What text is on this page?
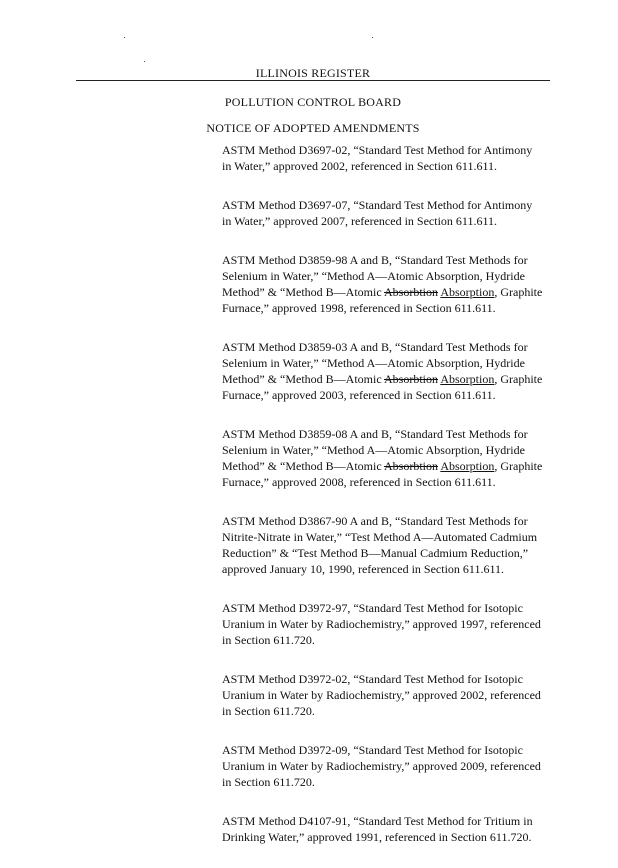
ILLINOIS REGISTER
POLLUTION CONTROL BOARD
NOTICE OF ADOPTED AMENDMENTS

ASTM Method D3697-02, “Standard Test Method for Antimony
in Water,” approved 2002, referenced in Section 611.611.

ASTM Method D3697-07, “Standard Test Method for Antimony
in Water,” approved 2007, referenced in Section 611.611.

ASTM Method D3859-98 A and B, “Standard Test Methods for
Selenium in Water,” “Method A—Atomic Absorption, Hydride
Method” & “Method B—Atomic Absorbtion Absorption, Graphite
Furnace,” approved 1998, referenced in Section 611.611.

ASTM Method D3859-03 A and B, “Standard Test Methods for
Selenium in Water,” “Method A—Atomic Absorption, Hydride
Method” & “Method B—Atomic Absorbtion Absorption, Graphite
Furnace,” approved 2003, referenced in Section 611.611.

ASTM Method D3859-08 A and B, “Standard Test Methods for
Selenium in Water,” “Method A—Atomic Absorption, Hydride
Method” & “Method B—Atomic Absorbtion Absorption, Graphite
Furnace,” approved 2008, referenced in Section 611.611.

ASTM Method D3867-90 A and B, “Standard Test Methods for
Nitrite-Nitrate in Water,” “Test Method A—Automated Cadmium
Reduction” & “Test Method B—Manual Cadmium Reduction,”
approved January 10, 1990, referenced in Section 611.611.

ASTM Method D3972-97, “Standard Test Method for Isotopic
Uranium in Water by Radiochemistry,” approved 1997, referenced
in Section 611.720.

ASTM Method D3972-02, “Standard Test Method for Isotopic
Uranium in Water by Radiochemistry,” approved 2002, referenced
in Section 611.720.

ASTM Method D3972-09, “Standard Test Method for Isotopic
Uranium in Water by Radiochemistry,” approved 2009, referenced
in Section 611.720.

ASTM Method D4107-91, “Standard Test Method for Tritium in
Drinking Water,” approved 1991, referenced in Section 611.720.
